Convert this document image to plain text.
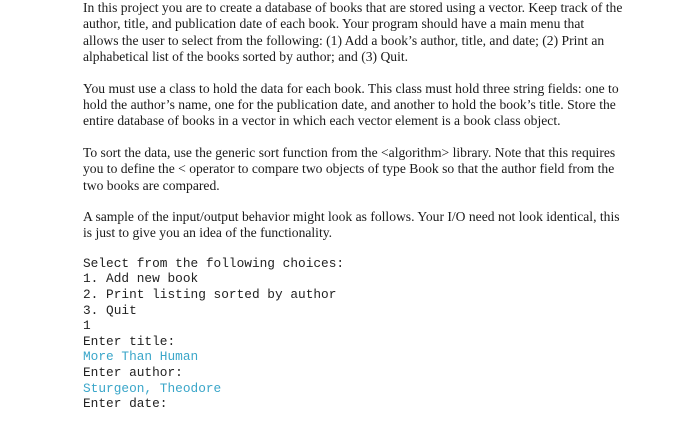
In this project you are to create a database of books that are stored using a vector. Keep track of the author, title, and publication date of each book. Your program should have a main menu that allows the user to select from the following: (1) Add a book’s author, title, and date; (2) Print an alphabetical list of the books sorted by author; and (3) Quit.

You must use a class to hold the data for each book. This class must hold three string fields: one to hold the author’s name, one for the publication date, and another to hold the book’s title. Store the entire database of books in a vector in which each vector element is a book class object.

To sort the data, use the generic sort function from the <algorithm> library. Note that this requires you to define the < operator to compare two objects of type Book so that the author field from the two books are compared.

A sample of the input/output behavior might look as follows. Your I/O need not look identical, this is just to give you an idea of the functionality.

Select from the following choices:
1. Add new book
2. Print listing sorted by author
3. Quit
1
Enter title:
More Than Human
Enter author:
Sturgeon, Theodore
Enter date:
